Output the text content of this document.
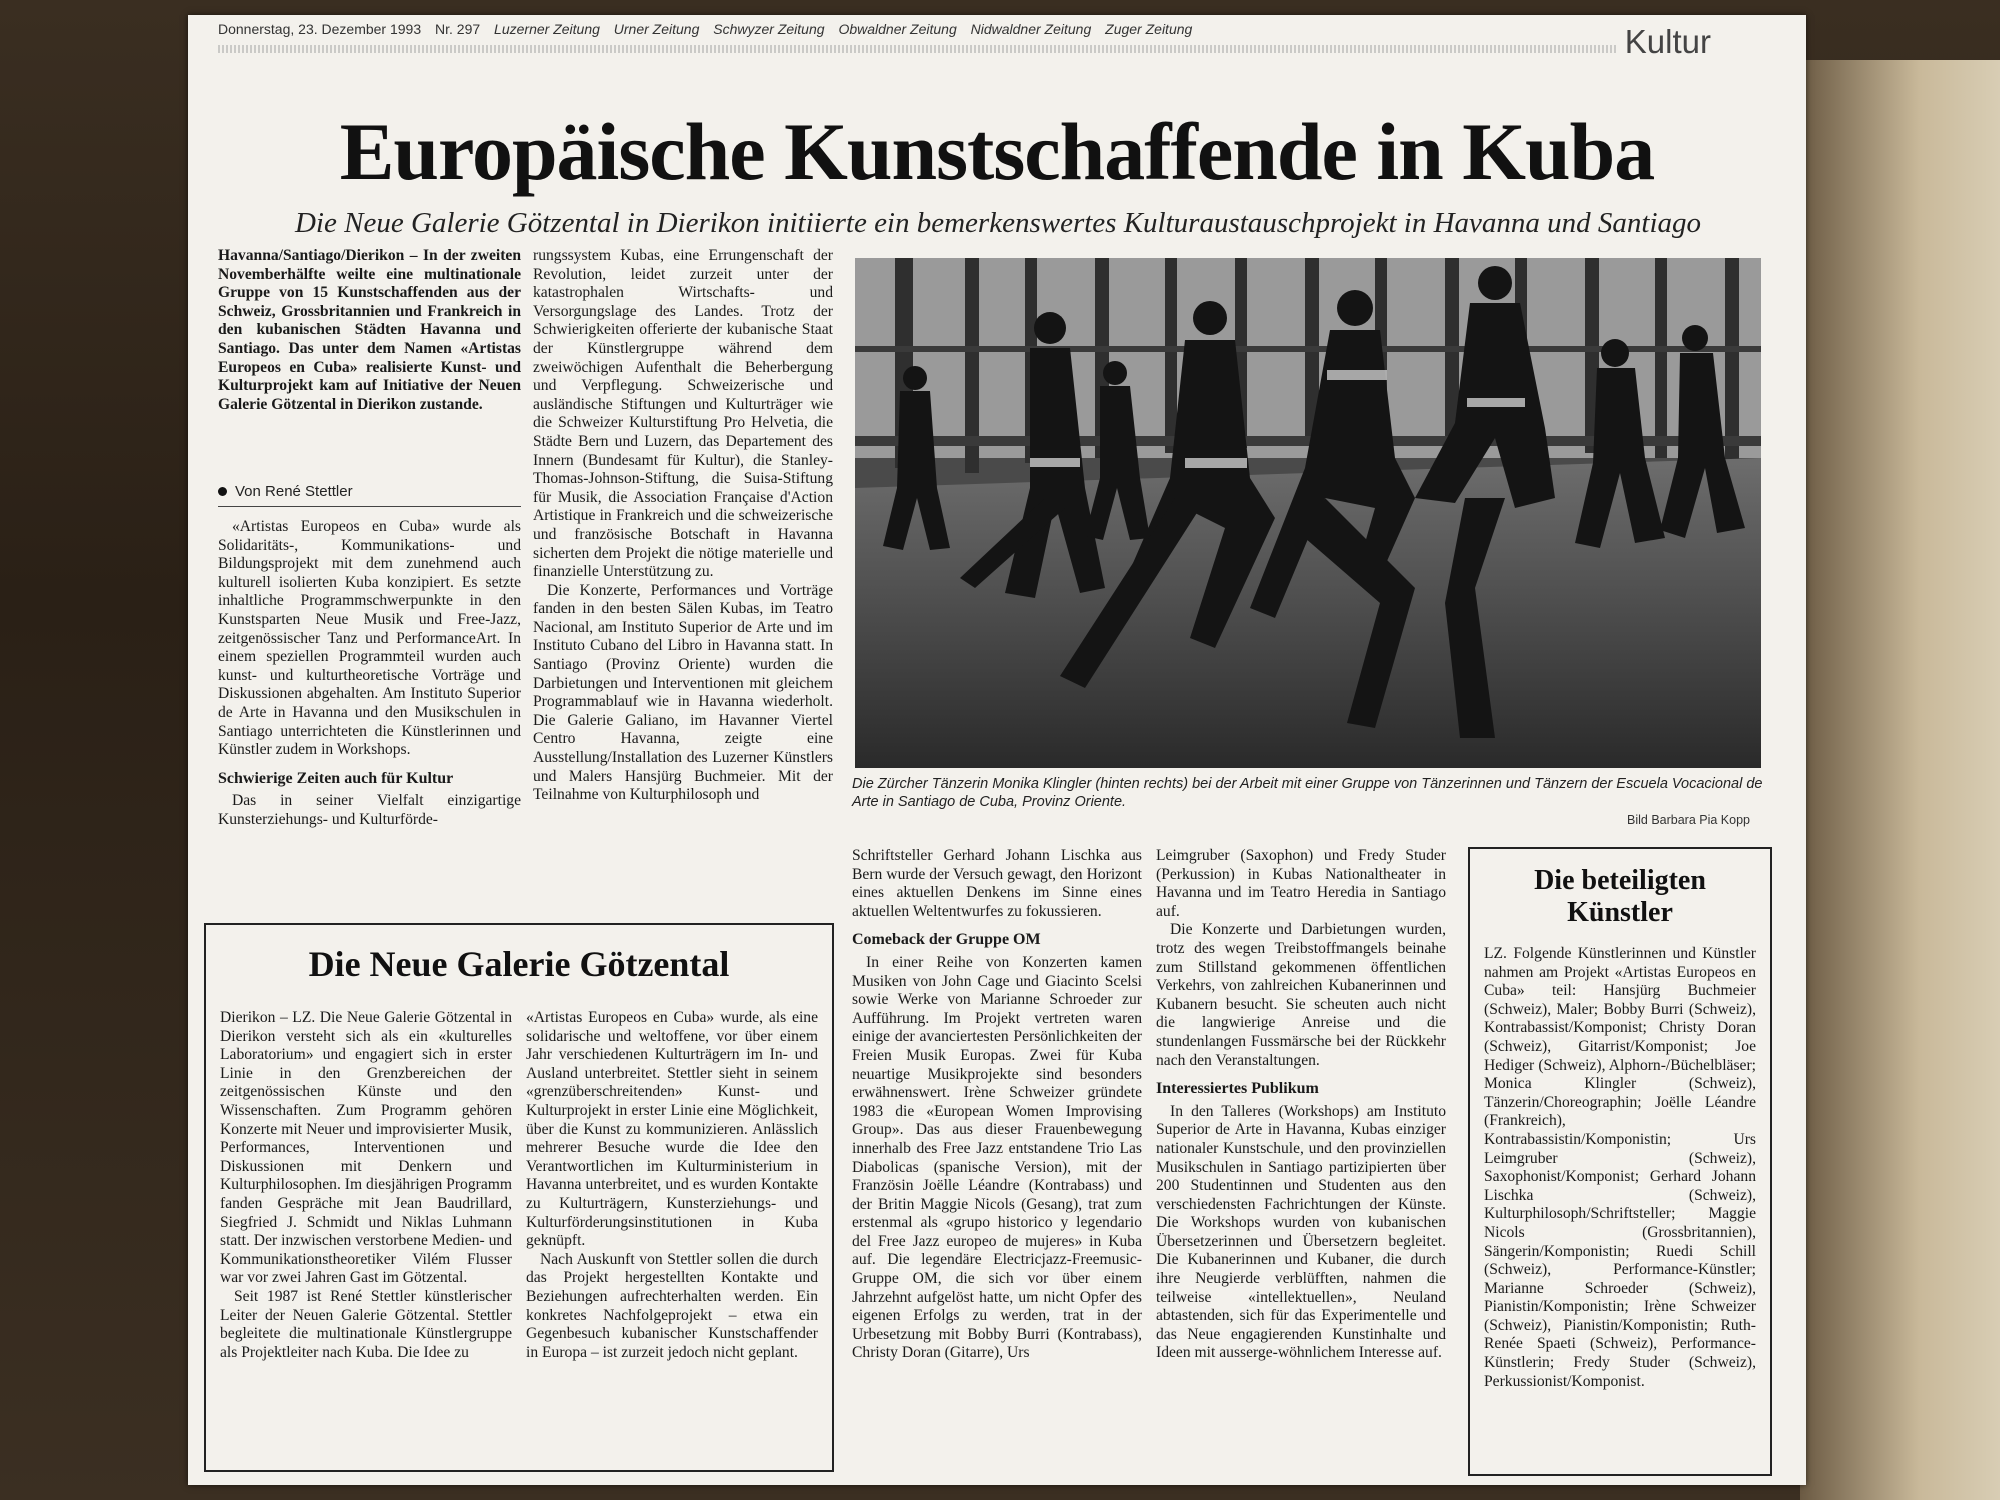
Donnerstag, 23. Dezember 1993 Nr. 297 Luzerner Zeitung Urner Zeitung Schwyzer Zeitung Obwaldner Zeitung Nidwaldner Zeitung Zuger Zeitung	Kultur
Europäische Kunstschaffende in Kuba
Die Neue Galerie Götzental in Dierikon initiierte ein bemerkenswertes Kulturaustauschprojekt in Havanna und Santiago

Havanna/Santiago/Dierikon – In der zweiten Novemberhälfte weilte eine multinationale Gruppe von 15 Kunstschaffenden aus der Schweiz, Grossbritannien und Frankreich in den kubanischen Städten Havanna und Santiago. Das unter dem Namen «Artistas Europeos en Cuba» realisierte Kunst- und Kulturprojekt kam auf Initiative der Neuen Galerie Götzental in Dierikon zustande.

Von René Stettler

«Artistas Europeos en Cuba» wurde als Solidaritäts-, Kommunikations- und Bildungsprojekt mit dem zunehmend auch kulturell isolierten Kuba konzipiert. Es setzte inhaltliche Programmschwerpunkte in den Kunstsparten Neue Musik und Free-Jazz, zeitgenössischer Tanz und PerformanceArt. In einem speziellen Programmteil wurden auch kunst- und kulturtheoretische Vorträge und Diskussionen abgehalten. Am Instituto Superior de Arte in Havanna und den Musikschulen in Santiago unterrichteten die Künstlerinnen und Künstler zudem in Workshops.

Schwierige Zeiten auch für Kultur

Das in seiner Vielfalt einzigartige Kunsterziehungs- und Kulturförde-

rungssystem Kubas, eine Errungenschaft der Revolution, leidet zurzeit unter der katastrophalen Wirtschafts- und Versorgungslage des Landes. Trotz der Schwierigkeiten offerierte der kubanische Staat der Künstlergruppe während dem zweiwöchigen Aufenthalt die Beherbergung und Verpflegung. Schweizerische und ausländische Stiftungen und Kulturträger wie die Schweizer Kulturstiftung Pro Helvetia, die Städte Bern und Luzern, das Departement des Innern (Bundesamt für Kultur), die Stanley-Thomas-Johnson-Stiftung, die Suisa-Stiftung für Musik, die Association Française d'Action Artistique in Frankreich und die schweizerische und französische Botschaft in Havanna sicherten dem Projekt die nötige materielle und finanzielle Unterstützung zu.

Die Konzerte, Performances und Vorträge fanden in den besten Sälen Kubas, im Teatro Nacional, am Instituto Superior de Arte und im Instituto Cubano del Libro in Havanna statt. In Santiago (Provinz Oriente) wurden die Darbietungen und Interventionen mit gleichem Programmablauf wie in Havanna wiederholt. Die Galerie Galiano, im Havanner Viertel Centro Havanna, zeigte eine Ausstellung/Installation des Luzerner Künstlers und Malers Hansjürg Buchmeier. Mit der Teilnahme von Kulturphilosoph und

Die Zürcher Tänzerin Monika Klingler (hinten rechts) bei der Arbeit mit einer Gruppe von Tänzerinnen und Tänzern der Escuela Vocacional de Arte in Santiago de Cuba, Provinz Oriente.
Bild Barbara Pia Kopp

Schriftsteller Gerhard Johann Lischka aus Bern wurde der Versuch gewagt, den Horizont eines aktuellen Denkens im Sinne eines aktuellen Weltentwurfes zu fokussieren.

Comeback der Gruppe OM

In einer Reihe von Konzerten kamen Musiken von John Cage und Giacinto Scelsi sowie Werke von Marianne Schroeder zur Aufführung. Im Projekt vertreten waren einige der avanciertesten Persönlichkeiten der Freien Musik Europas. Zwei für Kuba neuartige Musikprojekte sind besonders erwähnenswert. Irène Schweizer gründete 1983 die «European Women Improvising Group». Das aus dieser Frauenbewegung innerhalb des Free Jazz entstandene Trio Las Diabolicas (spanische Version), mit der Französin Joëlle Léandre (Kontrabass) und der Britin Maggie Nicols (Gesang), trat zum erstenmal als «grupo historico y legendario del Free Jazz europeo de mujeres» in Kuba auf. Die legendäre Electricjazz-Freemusic-Gruppe OM, die sich vor über einem Jahrzehnt aufgelöst hatte, um nicht Opfer des eigenen Erfolgs zu werden, trat in der Urbesetzung mit Bobby Burri (Kontrabass), Christy Doran (Gitarre), Urs

Leimgruber (Saxophon) und Fredy Studer (Perkussion) in Kubas Nationaltheater in Havanna und im Teatro Heredia in Santiago auf.

Die Konzerte und Darbietungen wurden, trotz des wegen Treibstoffmangels beinahe zum Stillstand gekommenen öffentlichen Verkehrs, von zahlreichen Kubanerinnen und Kubanern besucht. Sie scheuten auch nicht die langwierige Anreise und die stundenlangen Fussmärsche bei der Rückkehr nach den Veranstaltungen.

Interessiertes Publikum

In den Talleres (Workshops) am Instituto Superior de Arte in Havanna, Kubas einziger nationaler Kunstschule, und den provinziellen Musikschulen in Santiago partizipierten über 200 Studentinnen und Studenten aus den verschiedensten Fachrichtungen der Künste. Die Workshops wurden von kubanischen Übersetzerinnen und Übersetzern begleitet. Die Kubanerinnen und Kubaner, die durch ihre Neugierde verblüfften, nahmen die teilweise «intellektuellen», Neuland abtastenden, sich für das Experimentelle und das Neue engagierenden Kunstinhalte und Ideen mit ausserge-wöhnlichem Interesse auf.

Die Neue Galerie Götzental

Dierikon – LZ. Die Neue Galerie Götzental in Dierikon versteht sich als ein «kulturelles Laboratorium» und engagiert sich in erster Linie in den Grenzbereichen der zeitgenössischen Künste und den Wissenschaften. Zum Programm gehören Konzerte mit Neuer und improvisierter Musik, Performances, Interventionen und Diskussionen mit Denkern und Kulturphilosophen. Im diesjährigen Programm fanden Gespräche mit Jean Baudrillard, Siegfried J. Schmidt und Niklas Luhmann statt. Der inzwischen verstorbene Medien- und Kommunikationstheoretiker Vilém Flusser war vor zwei Jahren Gast im Götzental.

Seit 1987 ist René Stettler künstlerischer Leiter der Neuen Galerie Götzental. Stettler begleitete die multinationale Künstlergruppe als Projektleiter nach Kuba. Die Idee zu

«Artistas Europeos en Cuba» wurde, als eine solidarische und weltoffene, vor über einem Jahr verschiedenen Kulturträgern im In- und Ausland unterbreitet. Stettler sieht in seinem «grenzüberschreitenden» Kunst- und Kulturprojekt in erster Linie eine Möglichkeit, über die Kunst zu kommunizieren. Anlässlich mehrerer Besuche wurde die Idee den Verantwortlichen im Kulturministerium in Havanna unterbreitet, und es wurden Kontakte zu Kulturträgern, Kunsterziehungs- und Kulturförderungsinstitutionen in Kuba geknüpft.

Nach Auskunft von Stettler sollen die durch das Projekt hergestellten Kontakte und Beziehungen aufrechterhalten werden. Ein konkretes Nachfolgeprojekt – etwa ein Gegenbesuch kubanischer Kunstschaffender in Europa – ist zurzeit jedoch nicht geplant.

Die beteiligten
Künstler

LZ. Folgende Künstlerinnen und Künstler nahmen am Projekt «Artistas Europeos en Cuba» teil: Hansjürg Buchmeier (Schweiz), Maler; Bobby Burri (Schweiz), Kontrabassist/Komponist; Christy Doran (Schweiz), Gitarrist/Komponist; Joe Hediger (Schweiz), Alphorn-/Büchelbläser; Monica Klingler (Schweiz), Tänzerin/Choreographin; Joëlle Léandre (Frankreich), Kontrabassistin/Komponistin; Urs Leimgruber (Schweiz), Saxophonist/Komponist; Gerhard Johann Lischka (Schweiz), Kulturphilosoph/Schriftsteller; Maggie Nicols (Grossbritannien), Sängerin/Komponistin; Ruedi Schill (Schweiz), Performance-Künstler; Marianne Schroeder (Schweiz), Pianistin/Komponistin; Irène Schweizer (Schweiz), Pianistin/Komponistin; Ruth-Renée Spaeti (Schweiz), Performance-Künstlerin; Fredy Studer (Schweiz), Perkussionist/Komponist.
